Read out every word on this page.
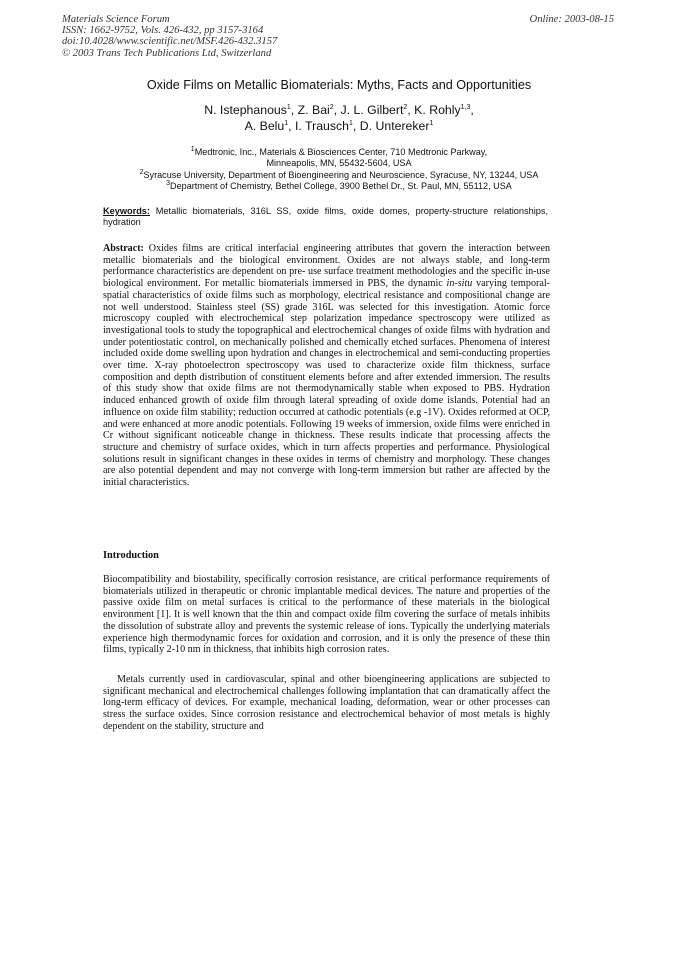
Materials Science Forum
ISSN: 1662-9752, Vols. 426-432, pp 3157-3164
doi:10.4028/www.scientific.net/MSF.426-432.3157
© 2003 Trans Tech Publications Ltd, Switzerland
Online: 2003-08-15
Oxide Films on Metallic Biomaterials: Myths, Facts and Opportunities
N. Istephanous$^1$, Z. Bai$^2$, J. L. Gilbert$^2$, K. Rohly$^{1,3}$,
A. Belu$^1$, I. Trausch$^1$, D. Untereker$^1$
$^1$Medtronic, Inc., Materials & Biosciences Center, 710 Medtronic Parkway,
Minneapolis, MN, 55432-5604, USA
$^2$Syracuse University, Department of Bioengineering and Neuroscience, Syracuse, NY, 13244, USA
$^3$Department of Chemistry, Bethel College, 3900 Bethel Dr., St. Paul, MN, 55112, USA
Keywords: Metallic biomaterials, 316L SS, oxide films, oxide domes, property-structure relationships, hydration
Abstract: Oxides films are critical interfacial engineering attributes that govern the interaction between metallic biomaterials and the biological environment. Oxides are not always stable, and long-term performance characteristics are dependent on pre- use surface treatment methodologies and the specific in-use biological environment. For metallic biomaterials immersed in PBS, the dynamic in-situ varying temporal-spatial characteristics of oxide films such as morphology, electrical resistance and compositional change are not well understood. Stainless steel (SS) grade 316L was selected for this investigation. Atomic force microscopy coupled with electrochemical step polarization impedance spectroscopy were utilized as investigational tools to study the topographical and electrochemical changes of oxide films with hydration and under potentiostatic control, on mechanically polished and chemically etched surfaces. Phenomena of interest included oxide dome swelling upon hydration and changes in electrochemical and semi-conducting properties over time. X-ray photoelectron spectroscopy was used to characterize oxide film thickness, surface composition and depth distribution of constituent elements before and after extended immersion. The results of this study show that oxide films are not thermodynamically stable when exposed to PBS. Hydration induced enhanced growth of oxide film through lateral spreading of oxide dome islands. Potential had an influence on oxide film stability; reduction occurred at cathodic potentials (e.g -1V). Oxides reformed at OCP, and were enhanced at more anodic potentials. Following 19 weeks of immersion, oxide films were enriched in Cr without significant noticeable change in thickness. These results indicate that processing affects the structure and chemistry of surface oxides, which in turn affects properties and performance. Physiological solutions result in significant changes in these oxides in terms of chemistry and morphology. These changes are also potential dependent and may not converge with long-term immersion but rather are affected by the initial characteristics.
Introduction
Biocompatibility and biostability, specifically corrosion resistance, are critical performance requirements of biomaterials utilized in therapeutic or chronic implantable medical devices. The nature and properties of the passive oxide film on metal surfaces is critical to the performance of these materials in the biological environment [1]. It is well known that the thin and compact oxide film covering the surface of metals inhibits the dissolution of substrate alloy and prevents the systemic release of ions. Typically the underlying materials experience high thermodynamic forces for oxidation and corrosion, and it is only the presence of these thin films, typically 2-10 nm in thickness, that inhibits high corrosion rates.
Metals currently used in cardiovascular, spinal and other bioengineering applications are subjected to significant mechanical and electrochemical challenges following implantation that can dramatically affect the long-term efficacy of devices. For example, mechanical loading, deformation, wear or other processes can stress the surface oxides. Since corrosion resistance and electrochemical behavior of most metals is highly dependent on the stability, structure and
